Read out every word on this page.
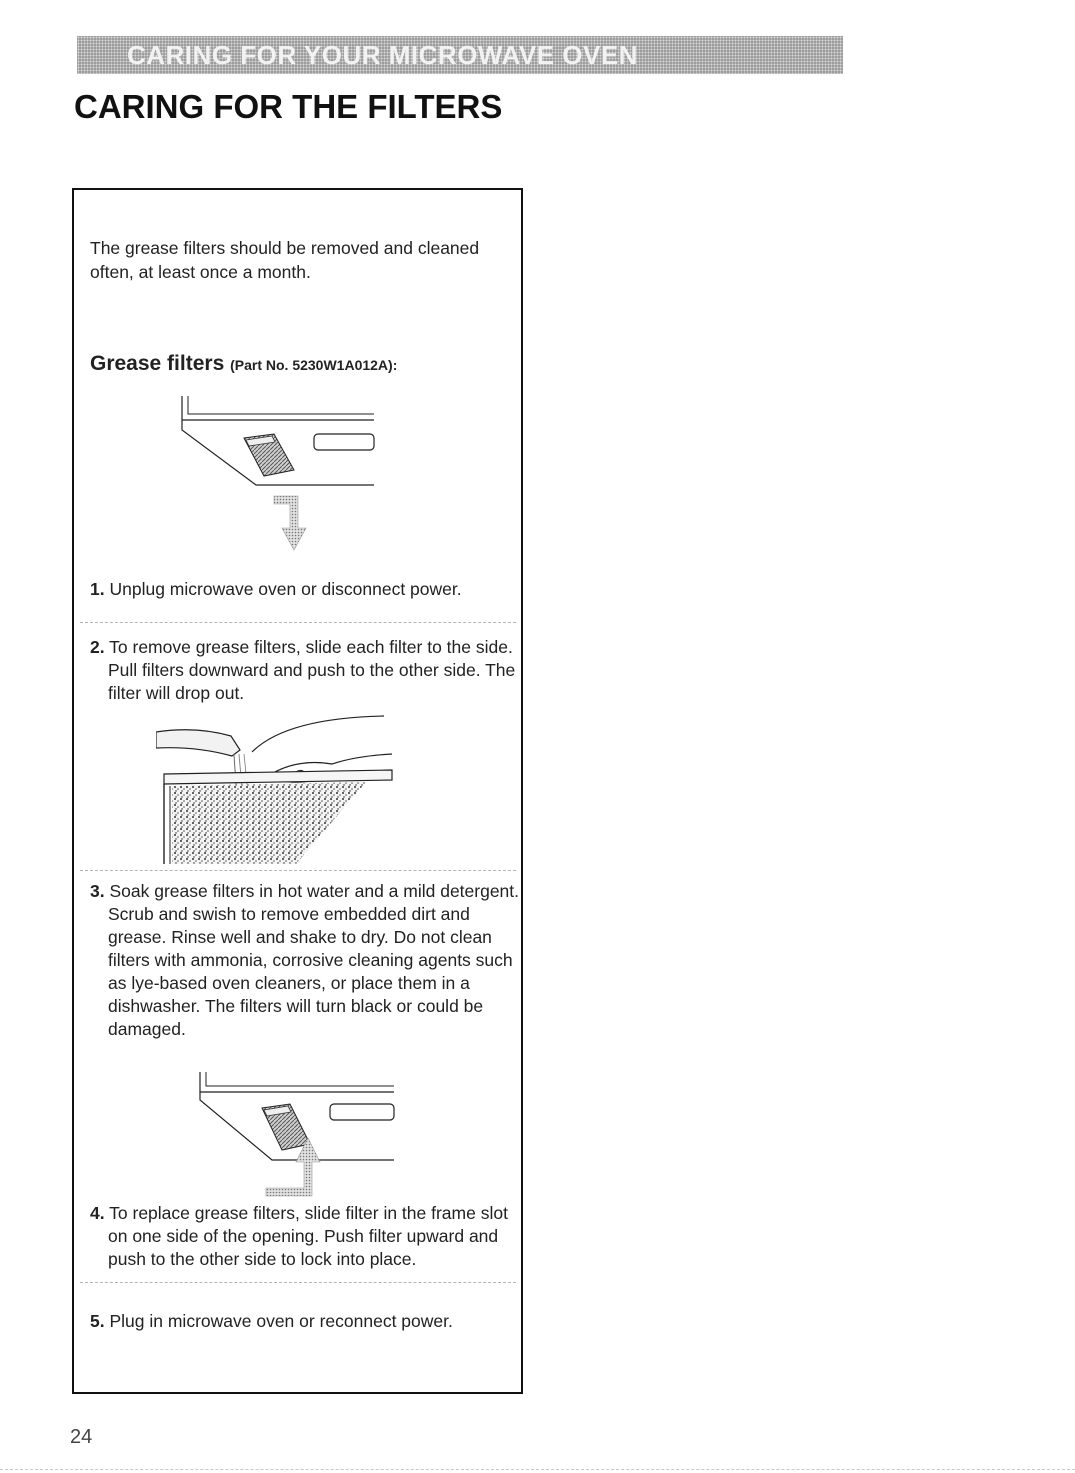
CARING FOR YOUR MICROWAVE OVEN
CARING FOR THE FILTERS

The grease filters should be removed and cleaned often, at least once a month.

Grease filters (Part No. 5230W1A012A):

1. Unplug microwave oven or disconnect power.

2. To remove grease filters, slide each filter to the side. Pull filters downward and push to the other side. The filter will drop out.

3. Soak grease filters in hot water and a mild detergent. Scrub and swish to remove embedded dirt and grease. Rinse well and shake to dry. Do not clean filters with ammonia, corrosive cleaning agents such as lye-based oven cleaners, or place them in a dishwasher. The filters will turn black or could be damaged.

4. To replace grease filters, slide filter in the frame slot on one side of the opening. Push filter upward and push to the other side to lock into place.

5. Plug in microwave oven or reconnect power.

24
